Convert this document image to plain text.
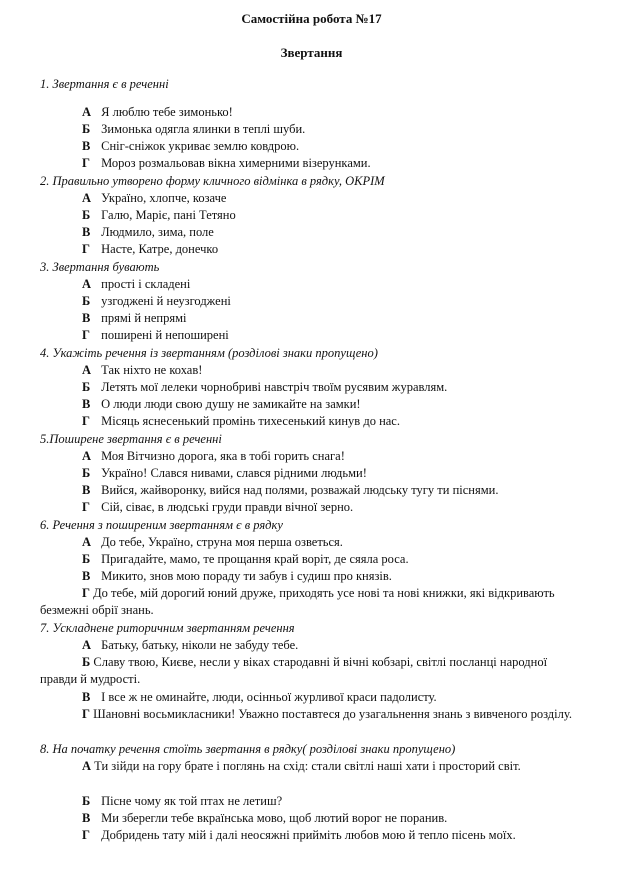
Самостійна робота №17
Звертання
1. Звертання є в реченні
А Я люблю тебе зимонько!
Б Зимонька одягла ялинки в теплі шуби.
В Сніг-сніжок укриває землю ковдрою.
Г Мороз розмальовав вікна химерними візерунками.
2. Правильно утворено форму кличного відмінка в рядку, ОКРІМ
А Україно, хлопче, козаче
Б Галю, Маріє, пані Тетяно
В Людмило, зима, поле
Г Насте, Катре, донечко
3. Звертання бувають
А прості і складені
Б узгоджені й неузгоджені
В прямі й непрямі
Г поширені й непоширені
4. Укажіть речення із звертанням (розділові знаки пропущено)
А Так ніхто не кохав!
Б Летять мої лелеки чорнобриві навстріч твоїм русявим журавлям.
В О люди люди свою душу не замикайте на замки!
Г Місяць яснесенький промінь тихесенький кинув до нас.
5.Поширене звертання є в реченні
А Моя Вітчизно дорога, яка в тобі горить снага!
Б Україно! Слався нивами, слався рідними людьми!
В Вийся, жайворонку, вийся над полями, розважай людську тугу ти піснями.
Г Сій, сіває, в людські груди правди вічної зерно.
6. Речення з поширеним звертанням є в рядку
А До тебе, Україно, струна моя перша озветься.
Б Пригадайте, мамо, те прощання край воріт, де сяяла роса.
В Микито, знов мою пораду ти забув і судиш про князів.
Г До тебе, мій дорогий юний друже, приходять усе нові та нові книжки, які відкривають безмежні обрії знань.
7. Ускладнене риторичним звертанням речення
А Батьку, батьку, ніколи не забуду тебе.
Б Славу твою, Києве, несли у віках стародавні й вічні кобзарі, світлі посланці народної правди й мудрості.
В І все ж не оминайте, люди, осінньої журливої краси падолисту.
Г Шановні восьмикласники! Уважно поставтеся до узагальнення знань з вивченого розділу.
8. На початку речення стоїть звертання в рядку( розділові знаки пропущено)
А Ти зійди на гору брате і поглянь на схід: стали світлі наші хати і просторий світ.
Б Пісне чому як той птах не летиш?
В Ми зберегли тебе вкраїнська мово, щоб лютий ворог не поранив.
Г Добридень тату мій і далі неосяжні прийміть любов мою й тепло пісень моїх.
